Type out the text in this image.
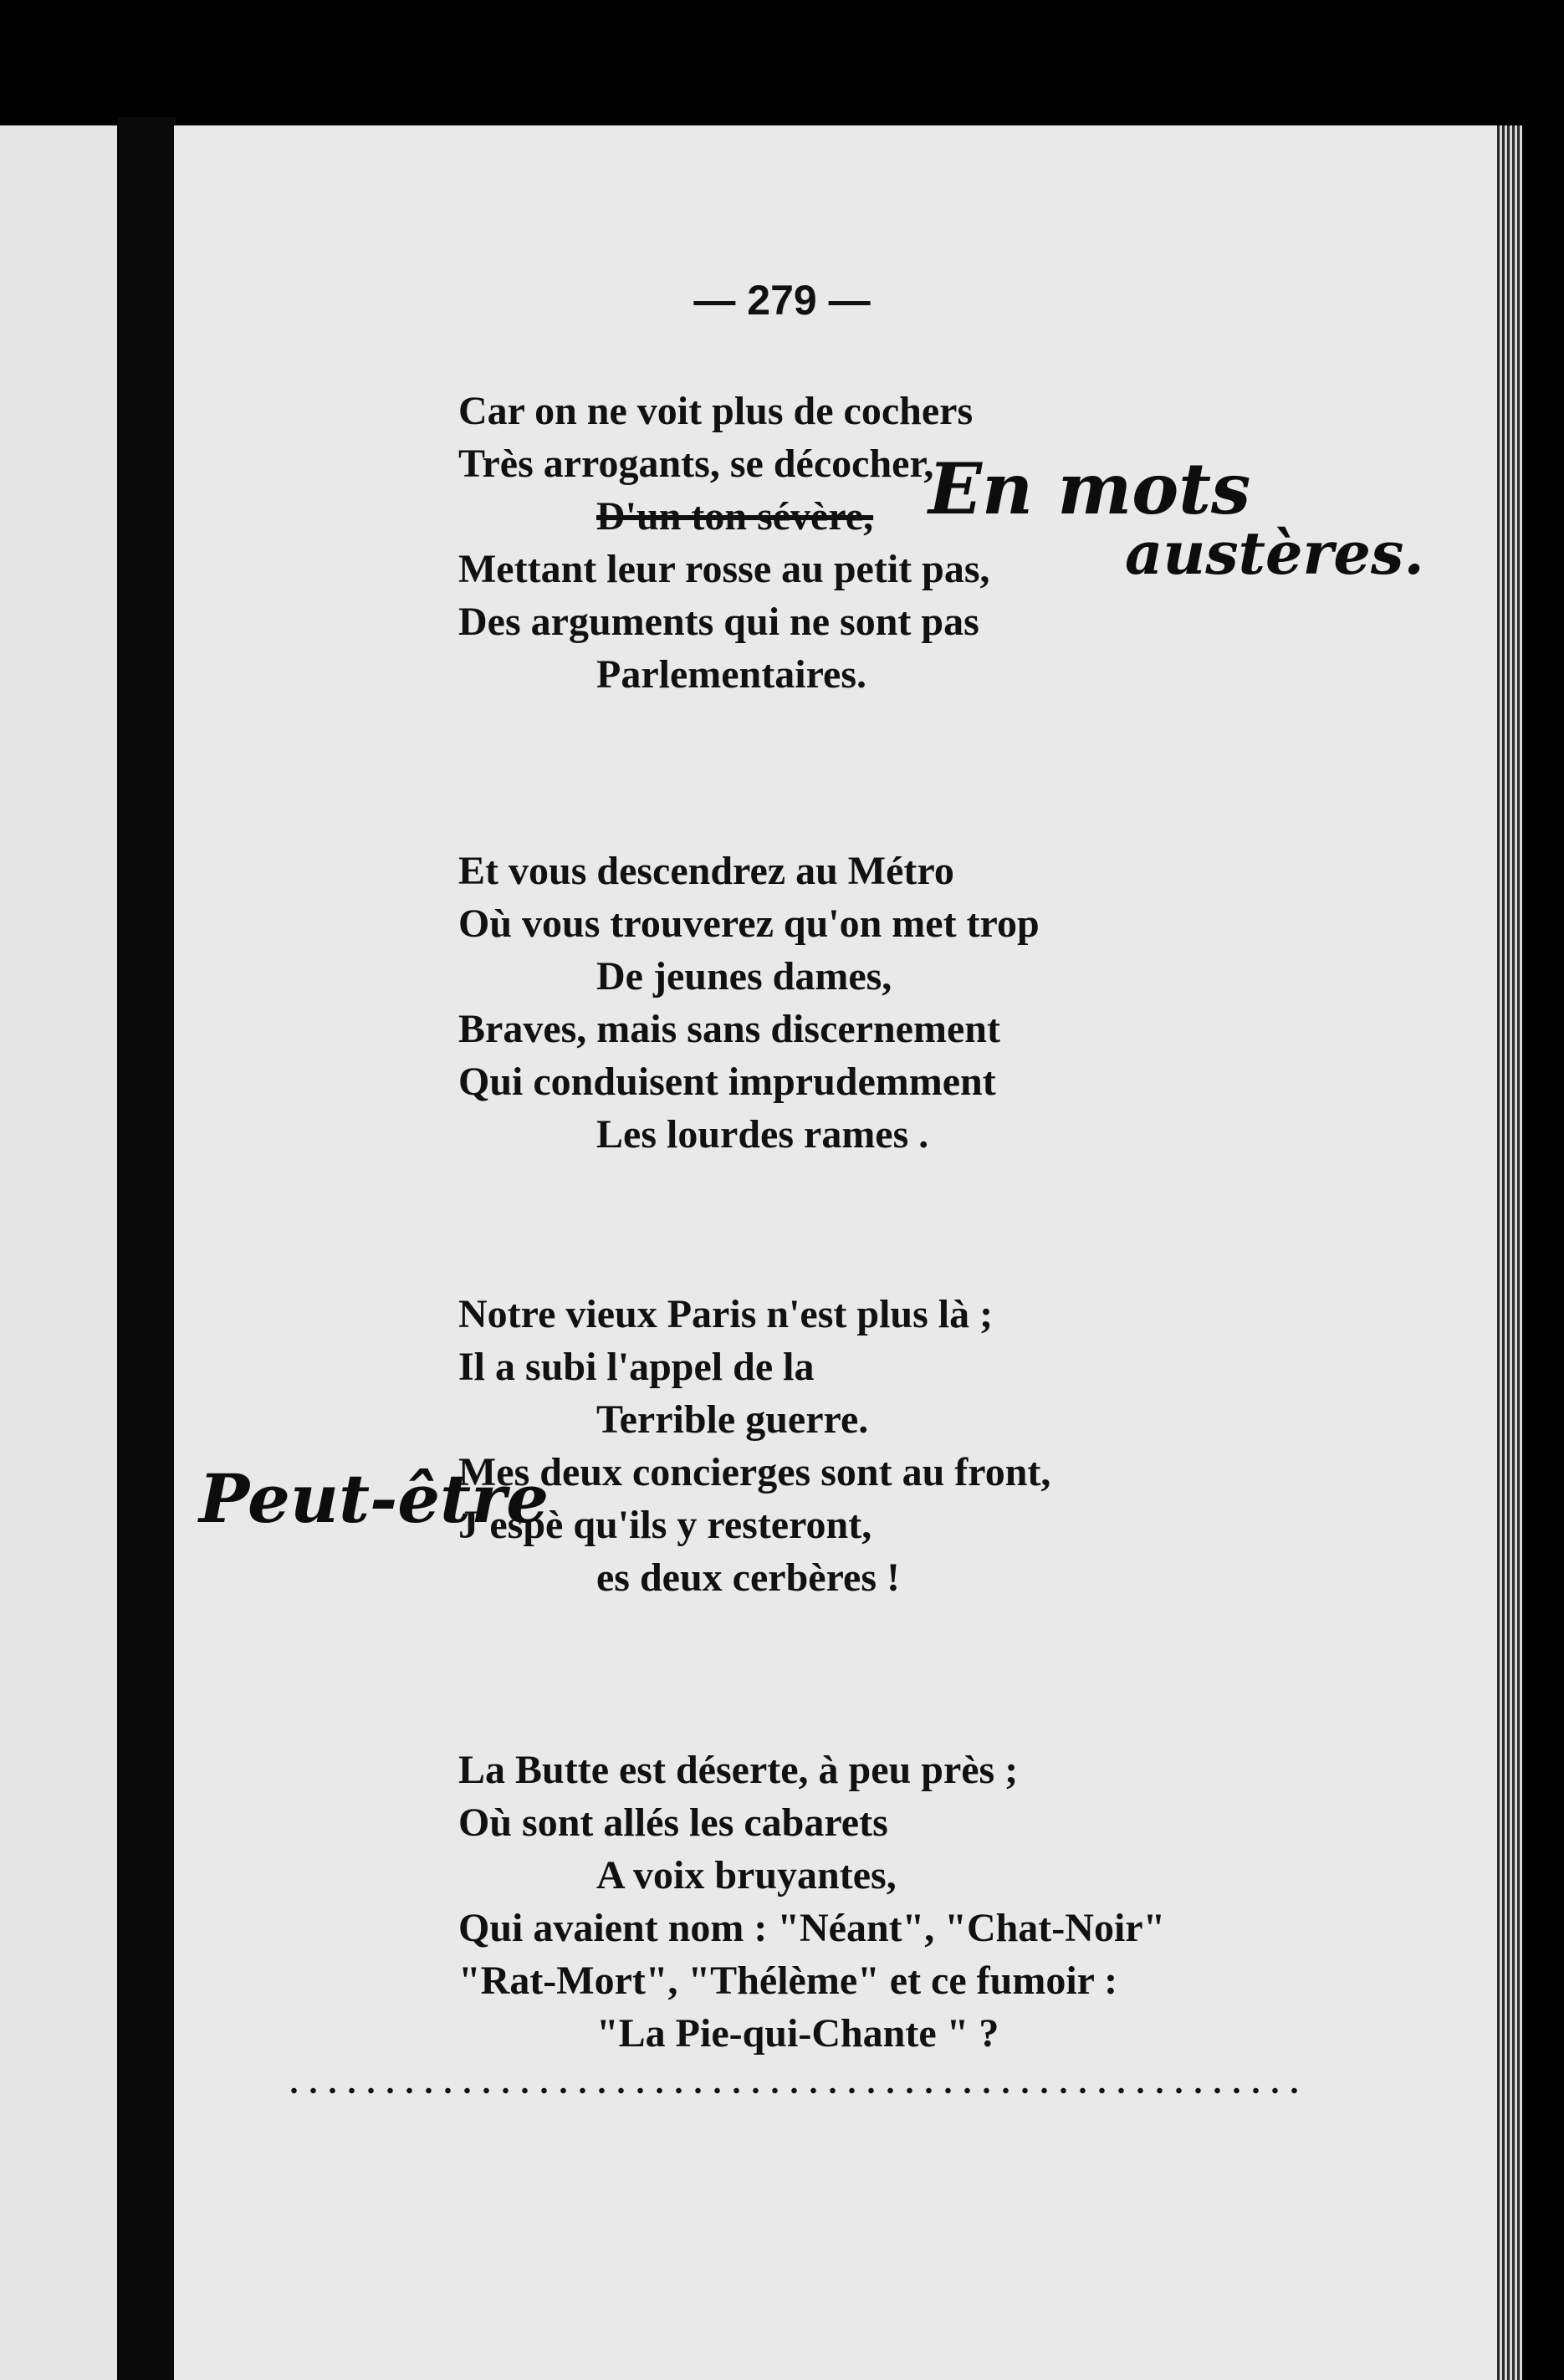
— 279 —
Car on ne voit plus de cochers
Très arrogants, se décocher,
D'un ton sévère,
Mettant leur rosse au petit pas,
Des arguments qui ne sont pas
Parlementaires.
Et vous descendrez au Métro
Où vous trouverez qu'on met trop
De jeunes dames,
Braves, mais sans discernement
Qui conduisent imprudemment
Les lourdes rames .
Notre vieux Paris n'est plus là ;
Il a subi l'appel de la
Terrible guerre.
Mes deux concierges sont au front,
J'espè qu'ils y resteront,
es deux cerbères !
La Butte est déserte, à peu près ;
Où sont allés les cabarets
A voix bruyantes,
Qui avaient nom : "Néant", "Chat-Noir"
"Rat-Mort", "Thélème" et ce fumoir :
"La Pie-qui-Chante " ?
En mots
austères.
Peut-être
